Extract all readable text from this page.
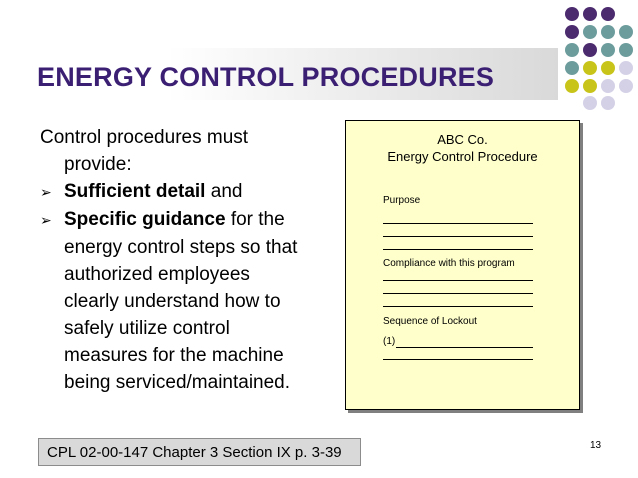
ENERGY CONTROL PROCEDURES
Control procedures must
provide:
➢ Sufficient detail and
➢ Specific guidance for the
energy control steps so that
authorized employees
clearly understand how to
safely utilize control
measures for the machine
being serviced/maintained.
ABC Co.
Energy Control Procedure
Purpose
Compliance with this program
Sequence of Lockout
(1)
CPL 02-00-147 Chapter 3 Section IX p. 3-39	13
